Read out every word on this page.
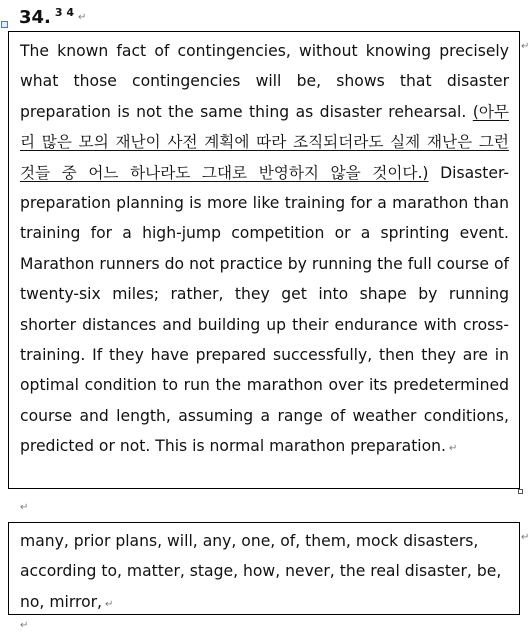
34. 3 4 ↵

The known fact of contingencies, without knowing precisely what those contingencies will be, shows that disaster preparation is not the same thing as disaster rehearsal. (아무리 많은 모의 재난이 사전 계획에 따라 조직되더라도 실제 재난은 그런 것들 중 어느 하나라도 그대로 반영하지 않을 것이다.) Disaster-preparation planning is more like training for a marathon than training for a high-jump competition or a sprinting event. Marathon runners do not practice by running the full course of twenty-six miles; rather, they get into shape by running shorter distances and building up their endurance with cross-training. If they have prepared successfully, then they are in optimal condition to run the marathon over its predetermined course and length, assuming a range of weather conditions, predicted or not. This is normal marathon preparation. ↵

↵
↵

many, prior plans, will, any, one, of, them, mock disasters, according to, matter, stage, how, never, the real disaster, be, no, mirror, ↵

↵
↵
